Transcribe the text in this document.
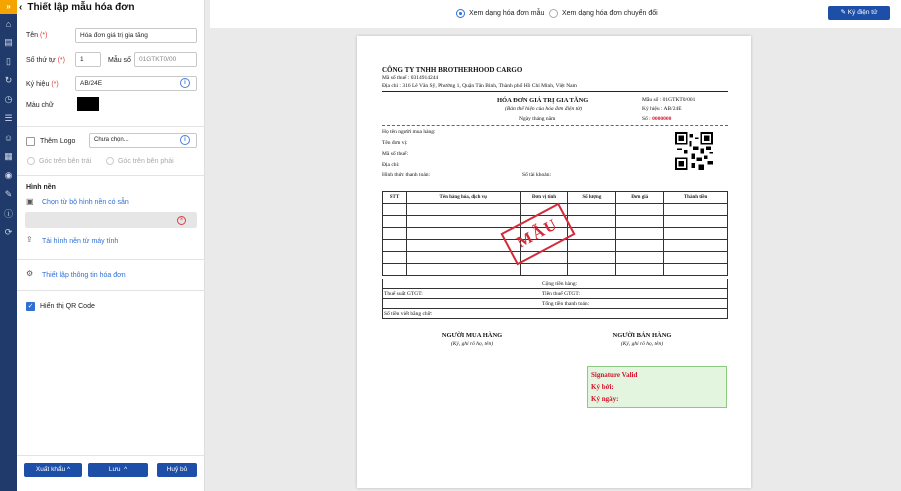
»
⌂
▤
▯
↻
◷
☰
☺
▦
◉
✎
ⓘ
⟳
‹ Thiết lập mẫu hóa đơn
Tên (*)	Hóa đơn giá trị gia tăng
Số thứ tự (*)	1	Mẫu số	01GTKT0/00
Ký hiệu (*)	AB/24E	i
Màu chữ
Thêm Logo	Chưa chọn...	i
Góc trên bên trái	Góc trên bên phải
Hình nền
▣ Chọn từ bộ hình nền có sẵn
×
⇪ Tải hình nền từ máy tính
⚙ Thiết lập thông tin hóa đơn
✓ Hiển thị QR Code
Xuất khẩu ^	Lưu  ^	Huỷ bỏ
Xem dạng hóa đơn mẫu	Xem dạng hóa đơn chuyển đổi	✎ Ký điện tử
CÔNG TY TNHH BROTHERHOOD CARGO
Mã số thuế : 0314914244
Địa chỉ : 316 Lê Văn Sỹ, Phường 1, Quận Tân Bình, Thành phố Hồ Chí Minh, Việt Nam
HÓA ĐƠN GIÁ TRỊ GIA TĂNG
(Bản thể hiện của hóa đơn điện tử)
Ngày tháng năm
Mẫu số : 01GTKT0/001
Ký hiệu : AB/24E
Số : 0000000
Họ tên người mua hàng:
Tên đơn vị:
Mã số thuế:
Địa chỉ:
Hình thức thanh toán:	Số tài khoản:
STT	Tên hàng hóa, dịch vụ	Đơn vị tính	Số lượng	Đơn giá	Thành tiền

Cộng tiền hàng:
Thuế suất GTGT:	Tiền thuế GTGT:
Tổng tiền thanh toán:
Số tiền viết bằng chữ:
MẪU
NGƯỜI MUA HÀNG
(Ký, ghi rõ họ, tên)
NGƯỜI BÁN HÀNG
(Ký, ghi rõ họ, tên)
Signature Valid
Ký bởi:
Ký ngày:
